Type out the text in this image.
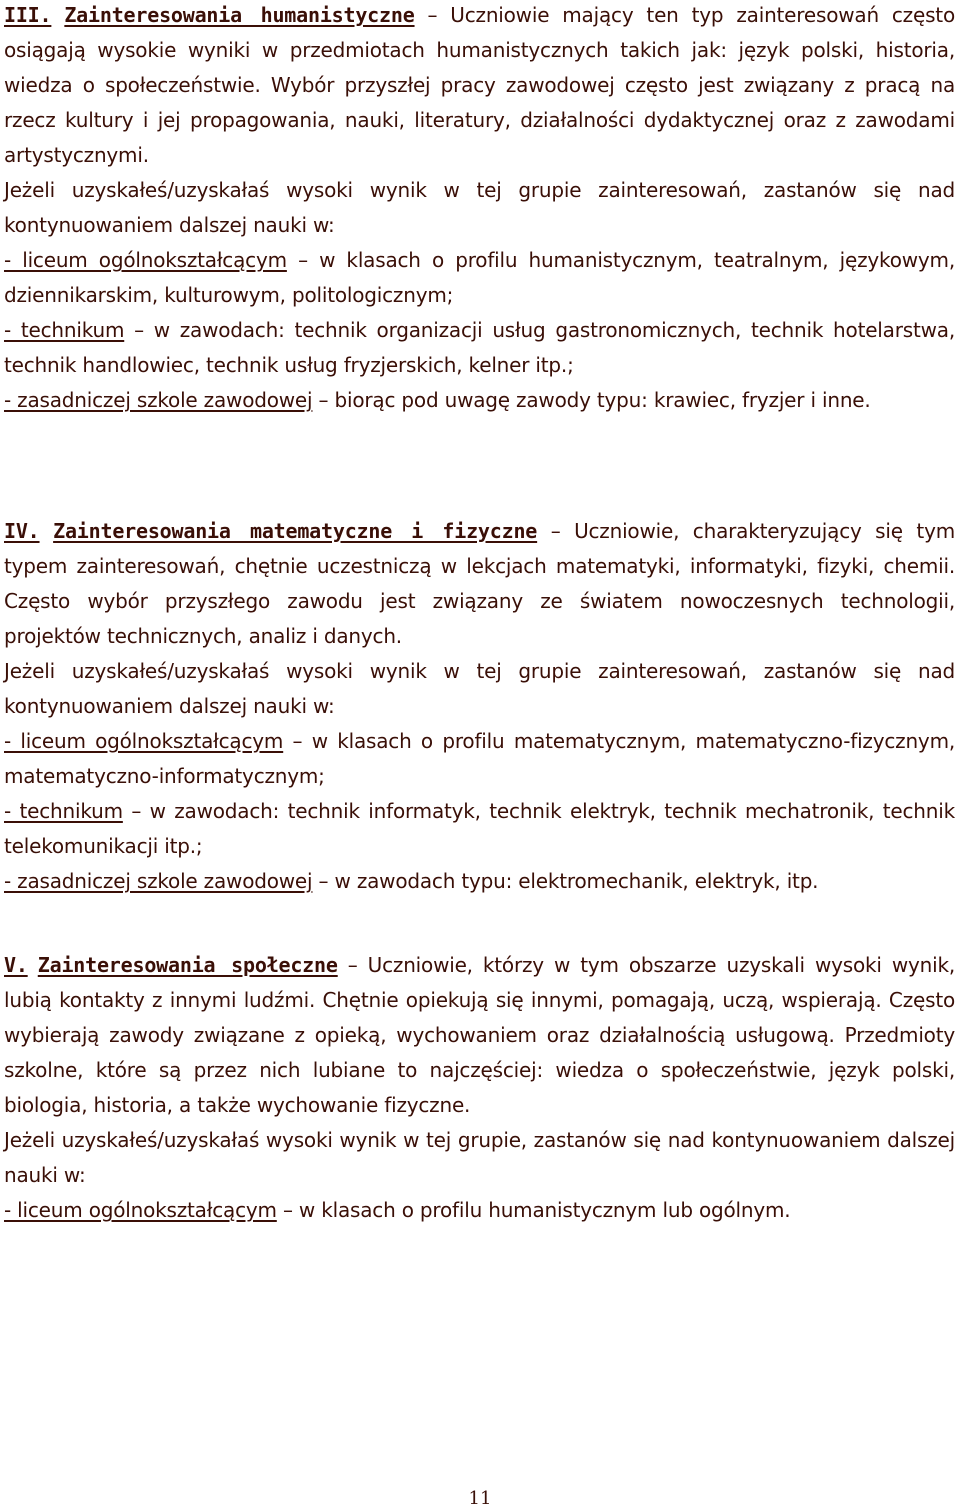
III. Zainteresowania humanistyczne – Uczniowie mający ten typ zainteresowań często osiągają wysokie wyniki w przedmiotach humanistycznych takich jak: język polski, historia, wiedza o społeczeństwie. Wybór przyszłej pracy zawodowej często jest związany z pracą na rzecz kultury i jej propagowania, nauki, literatury, działalności dydaktycznej oraz z zawodami artystycznymi.

Jeżeli uzyskałeś/uzyskałaś wysoki wynik w tej grupie zainteresowań, zastanów się nad kontynuowaniem dalszej nauki w:

- liceum ogólnokształcącym – w klasach o profilu humanistycznym, teatralnym, językowym, dziennikarskim, kulturowym, politologicznym;

- technikum – w zawodach: technik organizacji usług gastronomicznych, technik hotelarstwa, technik handlowiec, technik usług fryzjerskich, kelner itp.;

- zasadniczej szkole zawodowej – biorąc pod uwagę zawody typu: krawiec, fryzjer i inne.

IV. Zainteresowania matematyczne i fizyczne – Uczniowie, charakteryzujący się tym typem zainteresowań, chętnie uczestniczą w lekcjach matematyki, informatyki, fizyki, chemii. Często wybór przyszłego zawodu jest związany ze światem nowoczesnych technologii, projektów technicznych, analiz i danych.

Jeżeli uzyskałeś/uzyskałaś wysoki wynik w tej grupie zainteresowań, zastanów się nad kontynuowaniem dalszej nauki w:

- liceum ogólnokształcącym – w klasach o profilu matematycznym, matematyczno-fizycznym, matematyczno-informatycznym;

- technikum – w zawodach: technik informatyk, technik elektryk, technik mechatronik, technik telekomunikacji itp.;

- zasadniczej szkole zawodowej – w zawodach typu: elektromechanik, elektryk, itp.

V. Zainteresowania społeczne – Uczniowie, którzy w tym obszarze uzyskali wysoki wynik, lubią kontakty z innymi ludźmi. Chętnie opiekują się innymi, pomagają, uczą, wspierają. Często wybierają zawody związane z opieką, wychowaniem oraz działalnością usługową. Przedmioty szkolne, które są przez nich lubiane to najczęściej: wiedza o społeczeństwie, język polski, biologia, historia, a także wychowanie fizyczne.

Jeżeli uzyskałeś/uzyskałaś wysoki wynik w tej grupie, zastanów się nad kontynuowaniem dalszej nauki w:

- liceum ogólnokształcącym – w klasach o profilu humanistycznym lub ogólnym.

11
